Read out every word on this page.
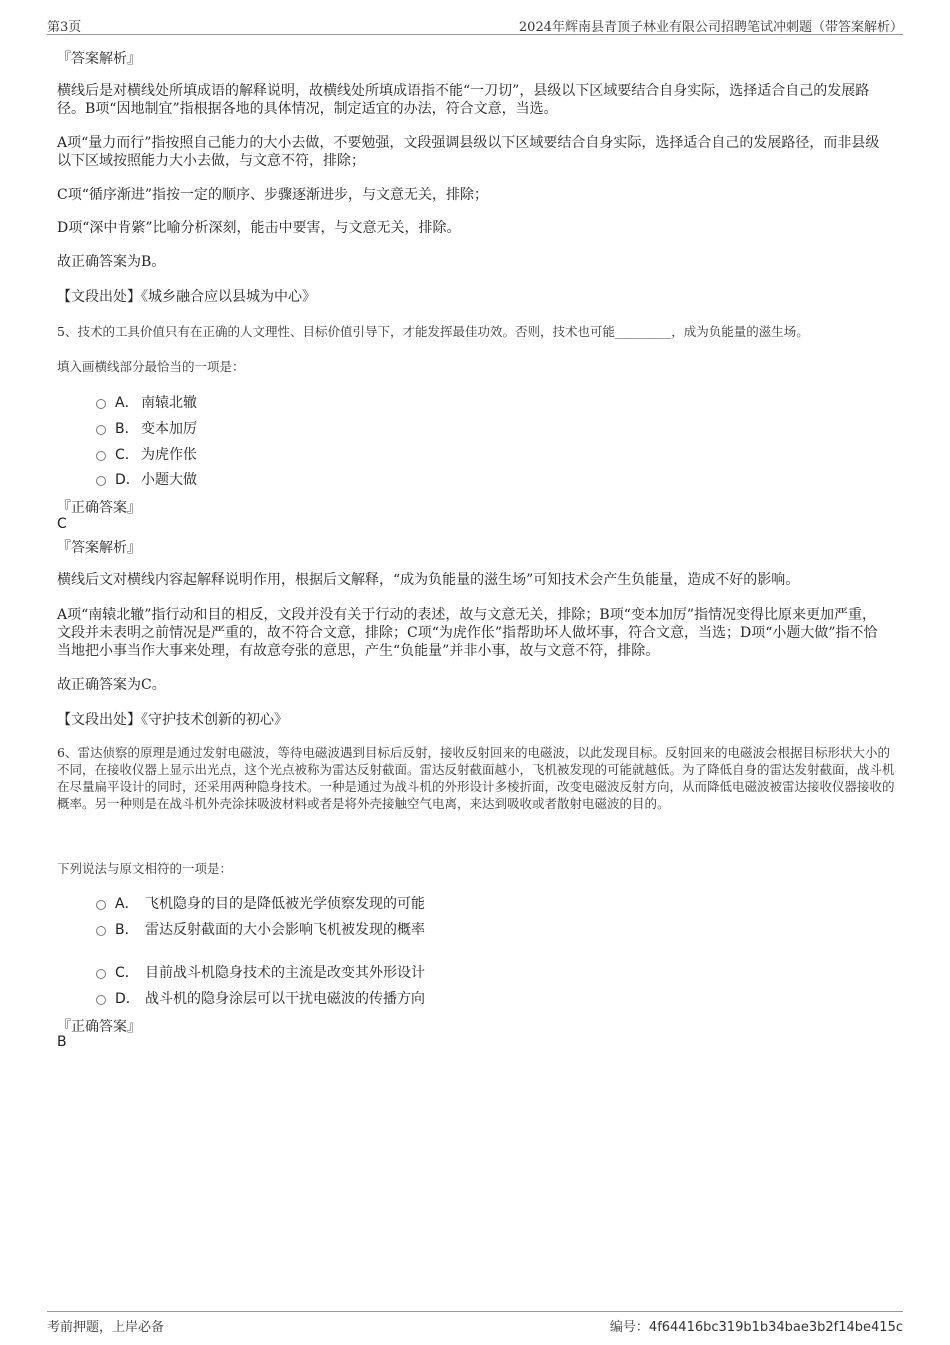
第3页	2024年辉南县青顶子林业有限公司招聘笔试冲刺题（带答案解析）
『答案解析』
横线后是对横线处所填成语的解释说明，故横线处所填成语指不能“一刀切”，县级以下区域要结合自身实际，选择适合自己的发展路径。B项“因地制宜”指根据各地的具体情况，制定适宜的办法，符合文意，当选。
A项“量力而行”指按照自己能力的大小去做，不要勉强，文段强调县级以下区域要结合自身实际，选择适合自己的发展路径，而非县级以下区域按照能力大小去做，与文意不符，排除；
C项“循序渐进”指按一定的顺序、步骤逐渐进步，与文意无关，排除；
D项“深中肯綮”比喻分析深刻，能击中要害，与文意无关，排除。
故正确答案为B。
【文段出处】《城乡融合应以县城为中心》
5、技术的工具价值只有在正确的人文理性、目标价值引导下，才能发挥最佳功效。否则，技术也可能_________，成为负能量的滋生场。
填入画横线部分最恰当的一项是：
A． 南辕北辙
B． 变本加厉
C． 为虎作伥
D． 小题大做
『正确答案』
C
『答案解析』
横线后文对横线内容起解释说明作用，根据后文解释，“成为负能量的滋生场”可知技术会产生负能量，造成不好的影响。
A项“南辕北辙”指行动和目的相反，文段并没有关于行动的表述，故与文意无关，排除；B项“变本加厉”指情况变得比原来更加严重，文段并未表明之前情况是严重的，故不符合文意，排除；C项“为虎作伥”指帮助坏人做坏事，符合文意，当选；D项“小题大做”指不恰当地把小事当作大事来处理，有故意夸张的意思，产生“负能量”并非小事，故与文意不符，排除。
故正确答案为C。
【文段出处】《守护技术创新的初心》
6、雷达侦察的原理是通过发射电磁波，等待电磁波遇到目标后反射，接收反射回来的电磁波，以此发现目标。反射回来的电磁波会根据目标形状大小的不同，在接收仪器上显示出光点，这个光点被称为雷达反射截面。雷达反射截面越小，飞机被发现的可能就越低。为了降低自身的雷达发射截面，战斗机在尽量扁平设计的同时，还采用两种隐身技术。一种是通过为战斗机的外形设计多棱折面，改变电磁波反射方向，从而降低电磁波被雷达接收仪器接收的概率。另一种则是在战斗机外壳涂抹吸波材料或者是将外壳接触空气电离，来达到吸收或者散射电磁波的目的。
下列说法与原文相符的一项是：
A． 飞机隐身的目的是降低被光学侦察发现的可能
B． 雷达反射截面的大小会影响飞机被发现的概率
C． 目前战斗机隐身技术的主流是改变其外形设计
D． 战斗机的隐身涂层可以干扰电磁波的传播方向
『正确答案』
B
考前押题，上岸必备	编号：4f64416bc319b1b34bae3b2f14be415c
